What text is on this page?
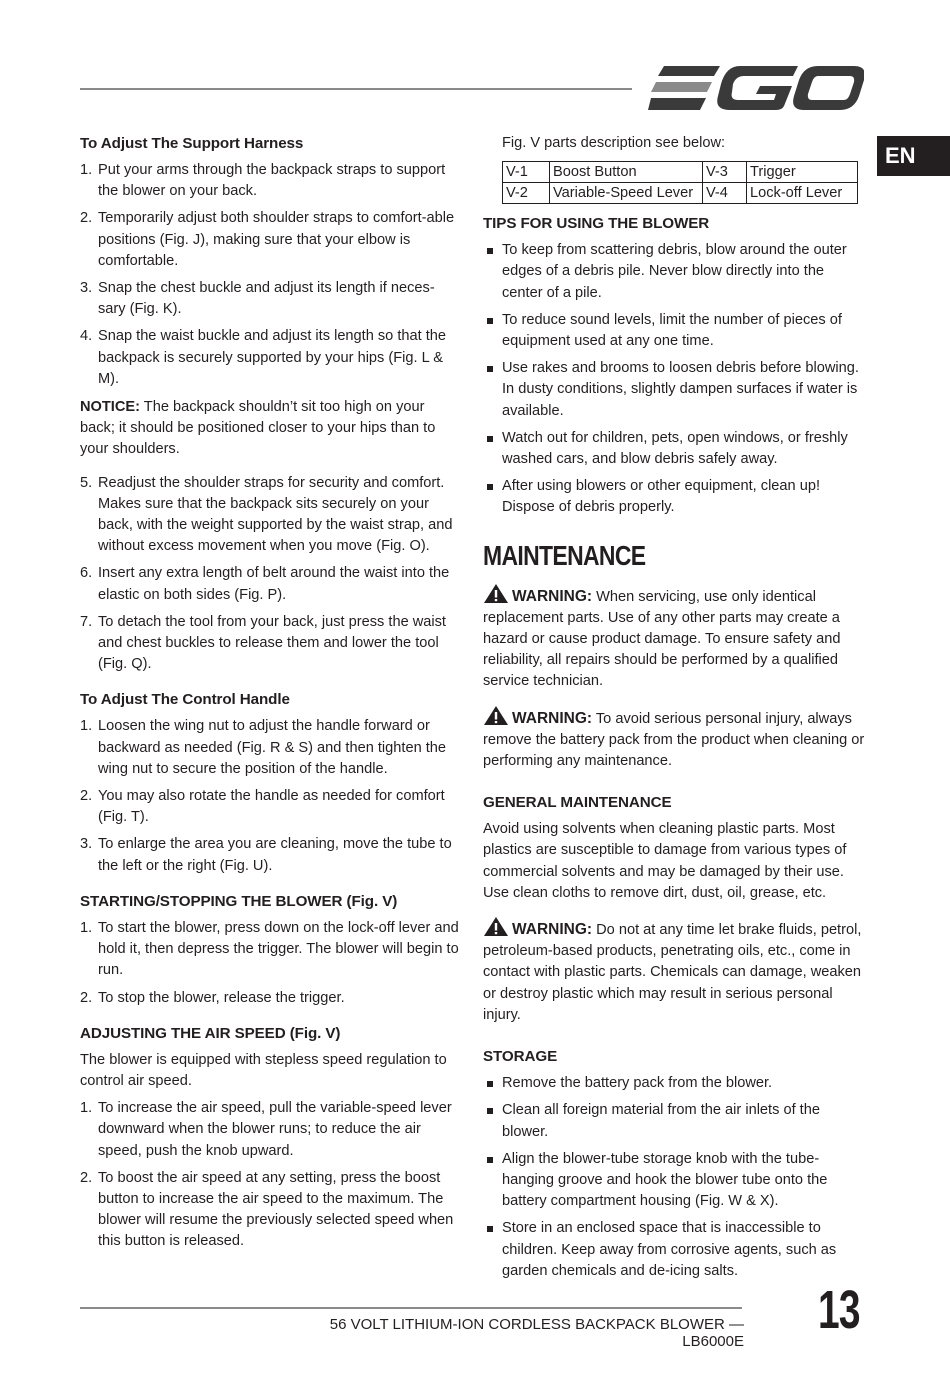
EN
To Adjust The Support Harness
1. Put your arms through the backpack straps to support the blower on your back.
2. Temporarily adjust both shoulder straps to comfort-able positions (Fig. J), making sure that your elbow is comfortable.
3. Snap the chest buckle and adjust its length if neces-sary (Fig. K).
4. Snap the waist buckle and adjust its length so that the backpack is securely supported by your hips (Fig. L & M).

NOTICE: The backpack shouldn’t sit too high on your back; it should be positioned closer to your hips than to your shoulders.

5. Readjust the shoulder straps for security and comfort. Makes sure that the backpack sits securely on your back, with the weight supported by the waist strap, and without excess movement when you move (Fig. O).
6. Insert any extra length of belt around the waist into the elastic on both sides (Fig. P).
7. To detach the tool from your back, just press the waist and chest buckles to release them and lower the tool (Fig. Q).
To Adjust The Control Handle
1. Loosen the wing nut to adjust the handle forward or backward as needed (Fig. R & S) and then tighten the wing nut to secure the position of the handle.
2. You may also rotate the handle as needed for comfort (Fig. T).
3. To enlarge the area you are cleaning, move the tube to the left or the right (Fig. U).
STARTING/STOPPING THE BLOWER (Fig. V)
1. To start the blower, press down on the lock-off lever and hold it, then depress the trigger. The blower will begin to run.
2. To stop the blower, release the trigger.
ADJUSTING THE AIR SPEED (Fig. V)

The blower is equipped with stepless speed regulation to control air speed.

1. To increase the air speed, pull the variable-speed lever downward when the blower runs; to reduce the air speed, push the knob upward.
2. To boost the air speed at any setting, press the boost button to increase the air speed to the maximum. The blower will resume the previously selected speed when this button is released.

Fig. V parts description see below:

V-1	Boost Button	V-3	Trigger
V-2	Variable-Speed Lever	V-4	Lock-off Lever
TIPS FOR USING THE BLOWER
To keep from scattering debris, blow around the outer edges of a debris pile. Never blow directly into the center of a pile.
To reduce sound levels, limit the number of pieces of equipment used at any one time.
Use rakes and brooms to loosen debris before blowing. In dusty conditions, slightly dampen surfaces if water is available.
Watch out for children, pets, open windows, or freshly washed cars, and blow debris safely away.
After using blowers or other equipment, clean up! Dispose of debris properly.
MAINTENANCE

WARNING: When servicing, use only identical replacement parts. Use of any other parts may create a hazard or cause product damage. To ensure safety and reliability, all repairs should be performed by a qualified service technician.

WARNING: To avoid serious personal injury, always remove the battery pack from the product when cleaning or performing any maintenance.

GENERAL MAINTENANCE

Avoid using solvents when cleaning plastic parts. Most plastics are susceptible to damage from various types of commercial solvents and may be damaged by their use. Use clean cloths to remove dirt, dust, oil, grease, etc.

WARNING: Do not at any time let brake fluids, petrol, petroleum-based products, penetrating oils, etc., come in contact with plastic parts. Chemicals can damage, weaken or destroy plastic which may result in serious personal injury.

STORAGE
Remove the battery pack from the blower.
Clean all foreign material from the air inlets of the blower.
Align the blower-tube storage knob with the tube-hanging groove and hook the blower tube onto the battery compartment housing (Fig. W & X).
Store in an enclosed space that is inaccessible to children. Keep away from corrosive agents, such as garden chemicals and de-icing salts.
56 VOLT LITHIUM-ION CORDLESS BACKPACK BLOWER — LB6000E
13
